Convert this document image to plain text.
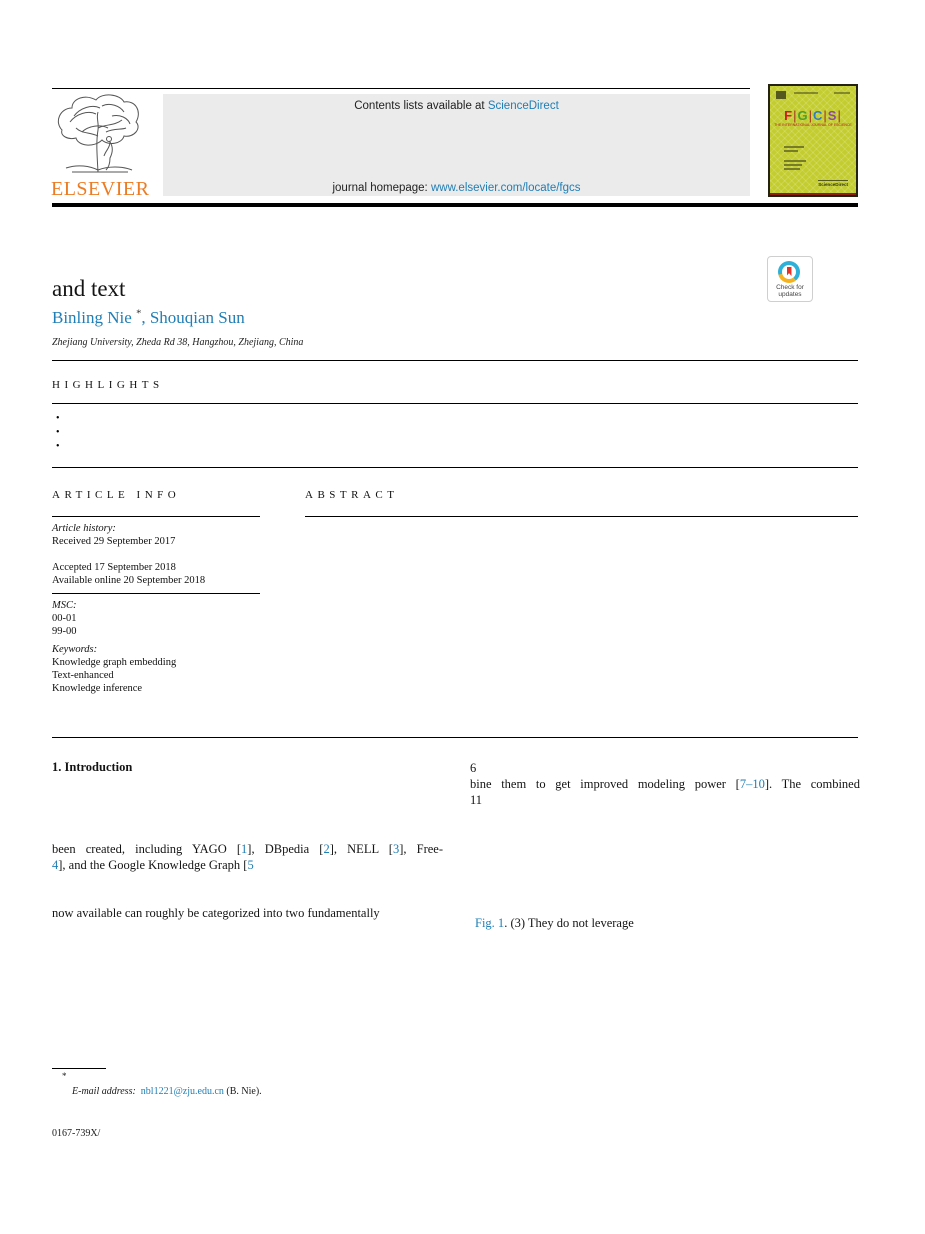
ELSEVIER
Contents lists available at ScienceDirect
journal homepage: www.elsevier.com/locate/fgcs
F|G|C|S|
THE INTERNATIONAL JOURNAL OF ESCIENCE
ScienceDirect
Check for
updates
and text
Binling Nie *, Shouqian Sun
Zhejiang University, Zheda Rd 38, Hangzhou, Zhejiang, China
HIGHLIGHTS
•
•
•
ARTICLE INFO	ABSTRACT
Article history:
Received 29 September 2017
Accepted 17 September 2018
Available online 20 September 2018
MSC:
00-01
99-00
Keywords:
Knowledge graph embedding
Text-enhanced
Knowledge inference
1. Introduction
been created, including YAGO [1], DBpedia [2], NELL [3], Free-
4], and the Google Knowledge Graph [5
now available can roughly be categorized into two fundamentally
6
bine them to get improved modeling power [7–10]. The combined
11
Fig. 1. (3) They do not leverage
*
E-mail address: nbl1221@zju.edu.cn (B. Nie).
0167-739X/
